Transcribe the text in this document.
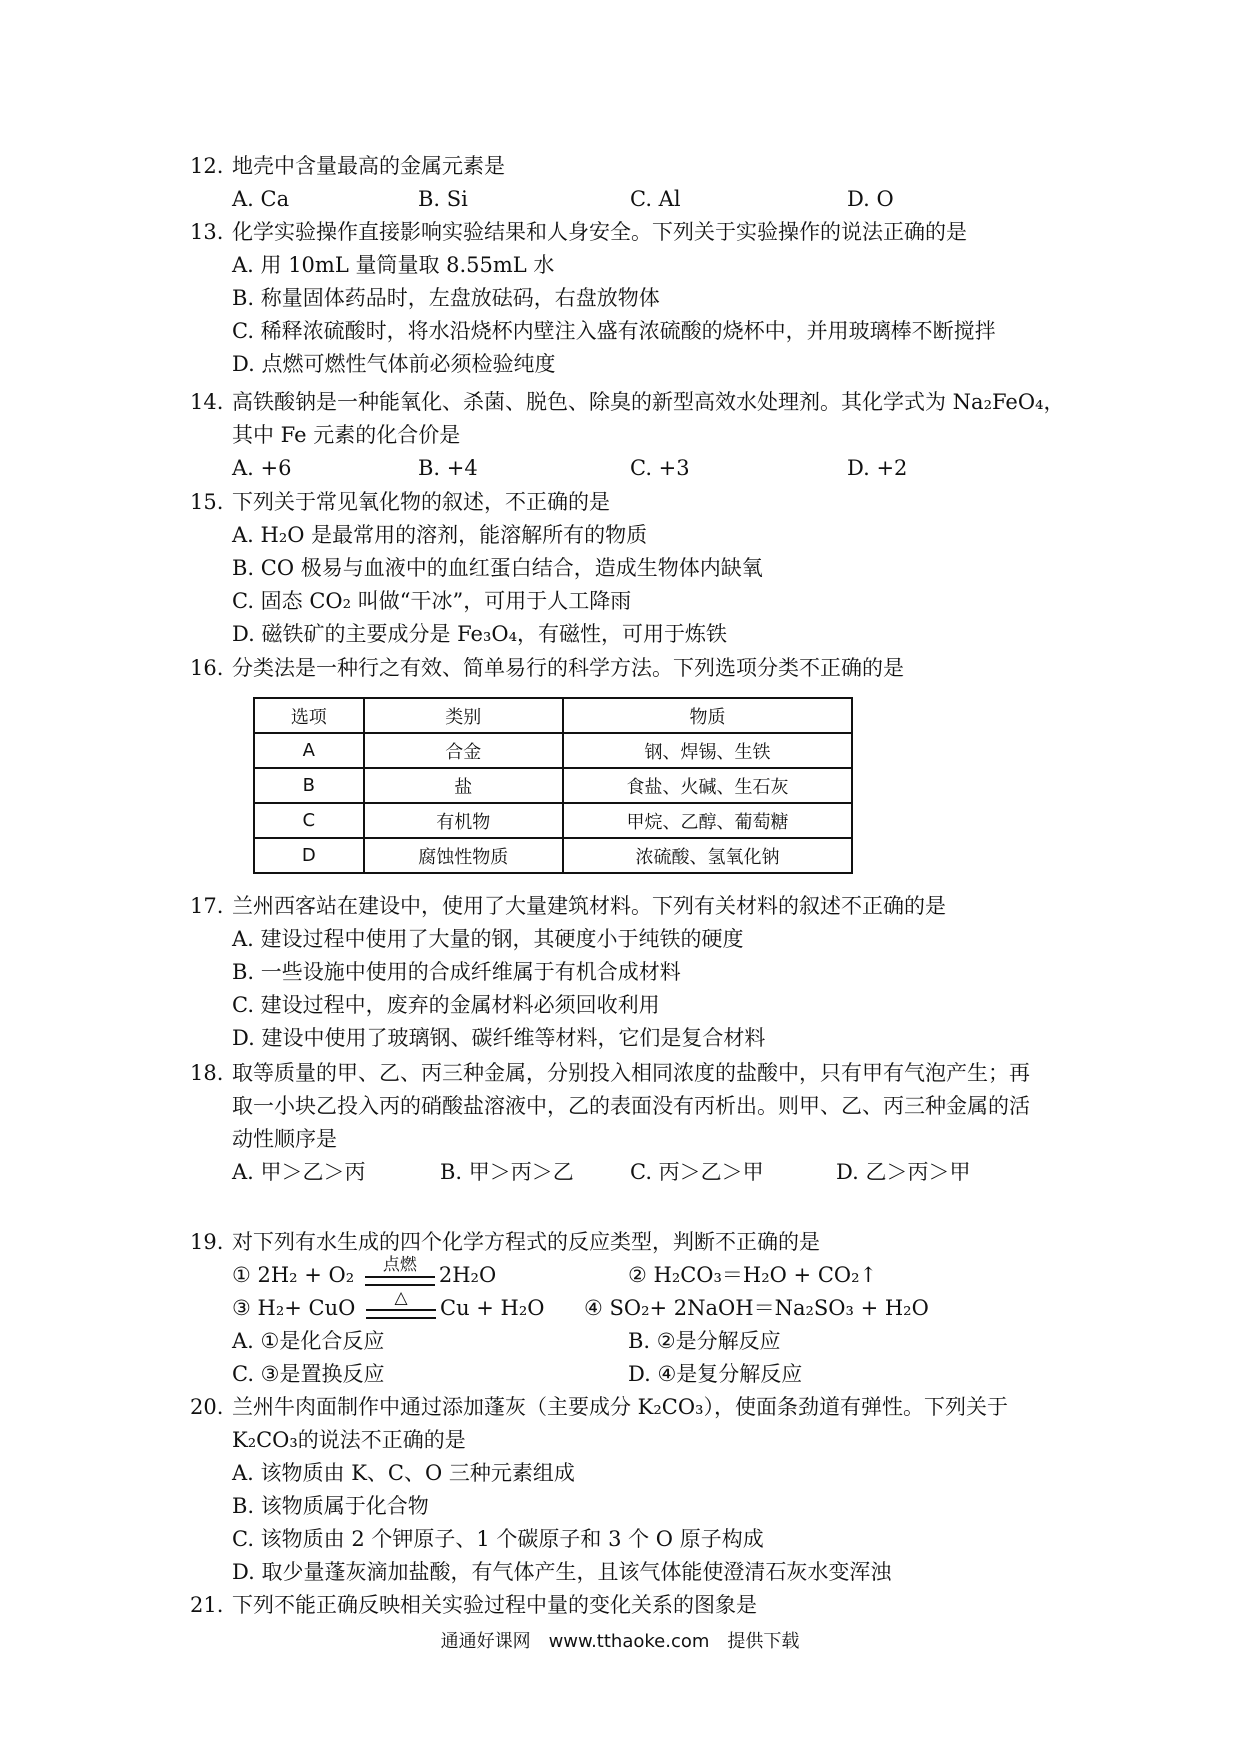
12. 地壳中含量最高的金属元素是
A. Ca	B. Si	C. Al	D. O
13. 化学实验操作直接影响实验结果和人身安全。下列关于实验操作的说法正确的是
A. 用 10mL 量筒量取 8.55mL 水
B. 称量固体药品时，左盘放砝码，右盘放物体
C. 稀释浓硫酸时，将水沿烧杯内壁注入盛有浓硫酸的烧杯中，并用玻璃棒不断搅拌
D. 点燃可燃性气体前必须检验纯度
14. 高铁酸钠是一种能氧化、杀菌、脱色、除臭的新型高效水处理剂。其化学式为 Na₂FeO₄，
其中 Fe 元素的化合价是
A. +6	B. +4	C. +3	D. +2
15. 下列关于常见氧化物的叙述，不正确的是
A. H₂O 是最常用的溶剂，能溶解所有的物质
B. CO 极易与血液中的血红蛋白结合，造成生物体内缺氧
C. 固态 CO₂ 叫做“干冰”，可用于人工降雨
D. 磁铁矿的主要成分是 Fe₃O₄，有磁性，可用于炼铁
16. 分类法是一种行之有效、简单易行的科学方法。下列选项分类不正确的是
选项	类别	物质
A	合金	钢、焊锡、生铁
B	盐	食盐、火碱、生石灰
C	有机物	甲烷、乙醇、葡萄糖
D	腐蚀性物质	浓硫酸、氢氧化钠
17. 兰州西客站在建设中，使用了大量建筑材料。下列有关材料的叙述不正确的是
A. 建设过程中使用了大量的钢，其硬度小于纯铁的硬度
B. 一些设施中使用的合成纤维属于有机合成材料
C. 建设过程中，废弃的金属材料必须回收利用
D. 建设中使用了玻璃钢、碳纤维等材料，它们是复合材料
18. 取等质量的甲、乙、丙三种金属，分别投入相同浓度的盐酸中，只有甲有气泡产生；再
取一小块乙投入丙的硝酸盐溶液中，乙的表面没有丙析出。则甲、乙、丙三种金属的活
动性顺序是
A. 甲＞乙＞丙	B. 甲＞丙＞乙	C. 丙＞乙＞甲	D. 乙＞丙＞甲
19. 对下列有水生成的四个化学方程式的反应类型，判断不正确的是
① 2H₂ + O₂	点燃	2H₂O	② H₂CO₃＝H₂O + CO₂↑
③ H₂+ CuO	△	Cu + H₂O ④ SO₂+ 2NaOH＝Na₂SO₃ + H₂O
A. ①是化合反应	B. ②是分解反应
C. ③是置换反应	D. ④是复分解反应
20. 兰州牛肉面制作中通过添加蓬灰（主要成分 K₂CO₃），使面条劲道有弹性。下列关于
K₂CO₃的说法不正确的是
A. 该物质由 K、C、O 三种元素组成
B. 该物质属于化合物
C. 该物质由 2 个钾原子、1 个碳原子和 3 个 O 原子构成
D. 取少量蓬灰滴加盐酸，有气体产生，且该气体能使澄清石灰水变浑浊
21. 下列不能正确反映相关实验过程中量的变化关系的图象是
通通好课网　www.tthaoke.com　提供下载
